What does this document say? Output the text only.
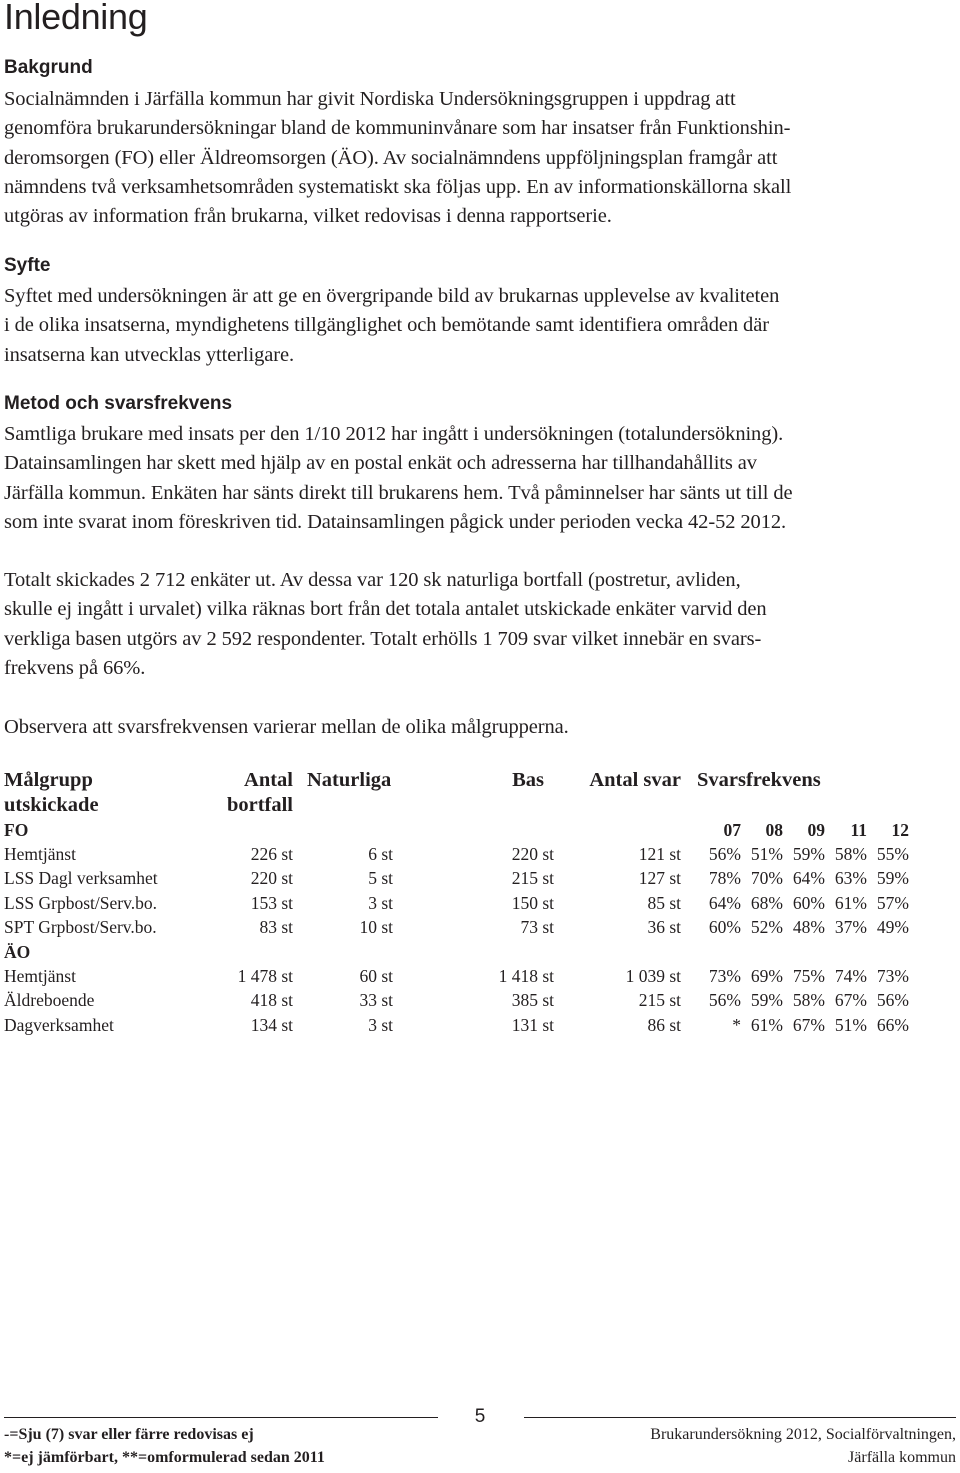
Inledning
Bakgrund
Socialnämnden i Järfälla kommun har givit Nordiska Undersökningsgruppen i uppdrag att
genomföra brukarundersökningar bland de kommuninvånare som har insatser från Funktionshin-
deromsorgen (FO) eller Äldreomsorgen (ÄO). Av socialnämndens uppföljningsplan framgår att
nämndens två verksamhetsområden systematiskt ska följas upp. En av informationskällorna skall
utgöras av information från brukarna, vilket redovisas i denna rapportserie.
Syfte
Syftet med undersökningen är att ge en övergripande bild av brukarnas upplevelse av kvaliteten
i de olika insatserna, myndighetens tillgänglighet och bemötande samt identifiera områden där
insatserna kan utvecklas ytterligare.
Metod och svarsfrekvens
Samtliga brukare med insats per den 1/10 2012 har ingått i undersökningen (totalundersökning).
Datainsamlingen har skett med hjälp av en postal enkät och adresserna har tillhandahållits av
Järfälla kommun. Enkäten har sänts direkt till brukarens hem. Två påminnelser har sänts ut till de
som inte svarat inom föreskriven tid. Datainsamlingen pågick under perioden vecka 42-52 2012.
Totalt skickades 2 712 enkäter ut. Av dessa var 120 sk naturliga bortfall (postretur, avliden,
skulle ej ingått i urvalet) vilka räknas bort från det totala antalet utskickade enkäter varvid den
verkliga basen utgörs av 2 592 respondenter. Totalt erhölls 1 709 svar vilket innebär en svars-
frekvens på 66%.
Observera att svarsfrekvensen varierar mellan de olika målgrupperna.
Målgrupp	Antal	Naturliga	Bas	Antal svar	Svarsfrekvens				
utskickade	bortfall								
FO					07	08	09	11	12
Hemtjänst	226 st	6 st	220 st	121 st	56%	51%	59%	58%	55%
LSS Dagl verksamhet	220 st	5 st	215 st	127 st	78%	70%	64%	63%	59%
LSS Grpbost/Serv.bo.	153 st	3 st	150 st	85 st	64%	68%	60%	61%	57%
SPT Grpbost/Serv.bo.	83 st	10 st	73 st	36 st	60%	52%	48%	37%	49%
ÄO									
Hemtjänst	1 478 st	60 st	1 418 st	1 039 st	73%	69%	75%	74%	73%
Äldreboende	418 st	33 st	385 st	215 st	56%	59%	58%	67%	56%
Dagverksamhet	134 st	3 st	131 st	86 st	*	61%	67%	51%	66%
5
-=Sju (7) svar eller färre redovisas ej
*=ej jämförbart, **=omformulerad sedan 2011
Brukarundersökning 2012, Socialförvaltningen,
Järfälla kommun
